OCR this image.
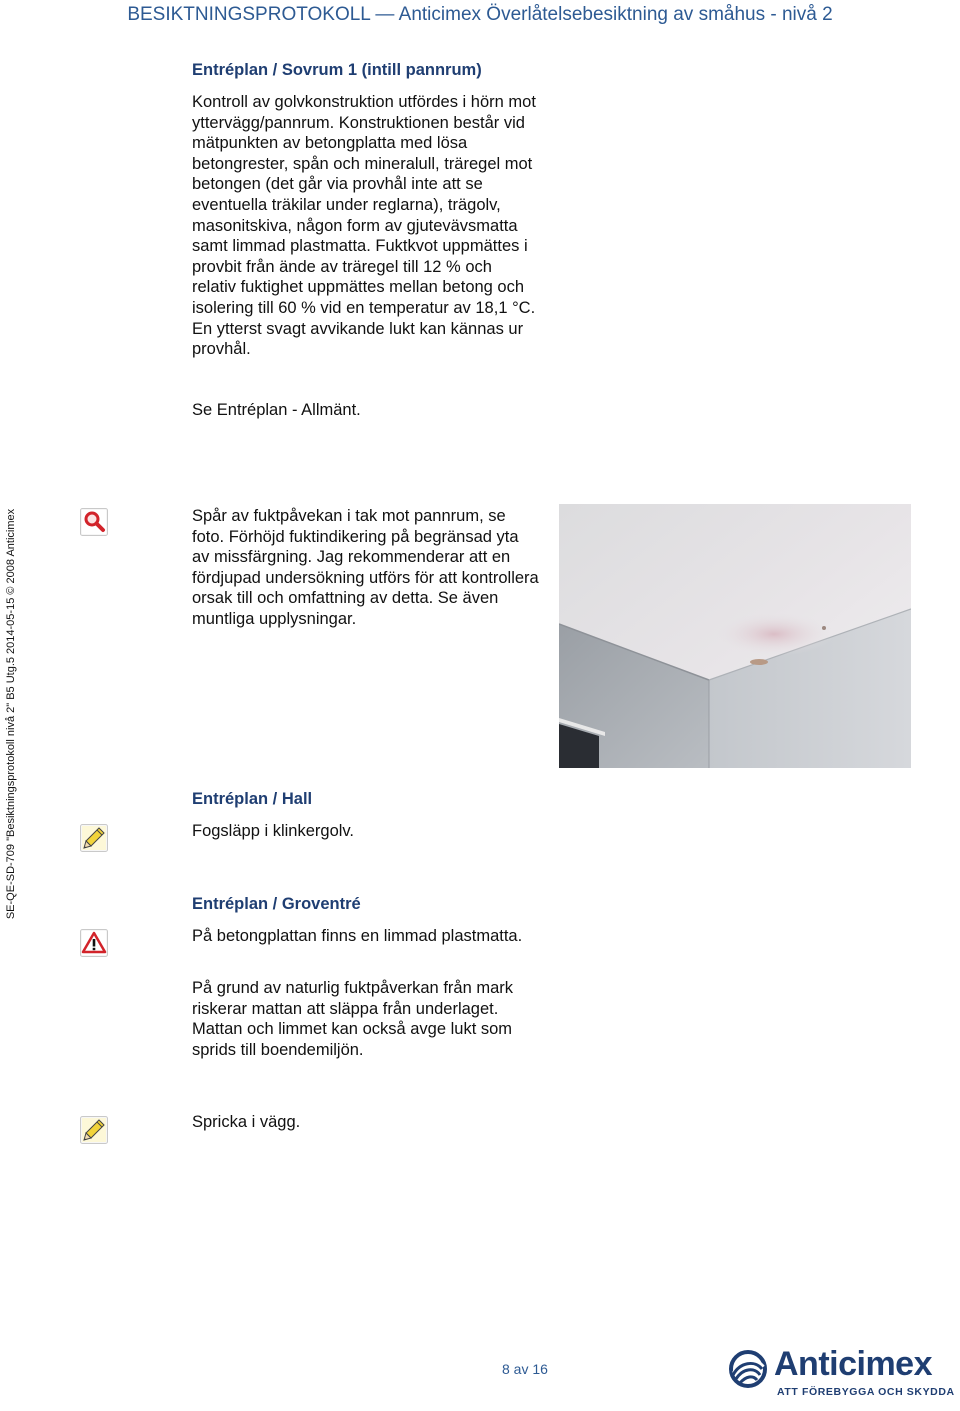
BESIKTNINGSPROTOKOLL — Anticimex Överlåtelsebesiktning av småhus - nivå 2
SE-QE-SD-709 "Besiktningsprotokoll nivå 2" B5 Utg.5 2014-05-15 © 2008 Anticimex
Entréplan / Sovrum 1 (intill pannrum)
Kontroll av golvkonstruktion utfördes i hörn mot yttervägg/pannrum. Konstruktionen består vid mätpunkten av betongplatta med lösa betongrester, spån och mineralull, träregel mot betongen (det går via provhål inte att se eventuella träkilar under reglarna), trägolv, masonitskiva, någon form av gjutevävsmatta samt limmad plastmatta. Fuktkvot uppmättes i provbit från ände av träregel till 12 % och relativ fuktighet uppmättes mellan betong och isolering till 60 % vid en temperatur av 18,1 °C. En ytterst svagt avvikande lukt kan kännas ur provhål.
Se Entréplan - Allmänt.
Spår av fuktpåvekan i tak mot pannrum, se foto. Förhöjd fuktindikering på begränsad yta av missfärgning. Jag rekommenderar att en fördjupad undersökning utförs för att kontrollera orsak till och omfattning av detta. Se även muntliga upplysningar.
Entréplan / Hall
Fogsläpp i klinkergolv.
Entréplan / Groventré
På betongplattan finns en limmad plastmatta.
På grund av naturlig fuktpåverkan från mark riskerar mattan att släppa från underlaget. Mattan och limmet kan också avge lukt som sprids till boendemiljön.
Spricka i vägg.
8 av 16	Anticimex
ATT FÖREBYGGA OCH SKYDDA
